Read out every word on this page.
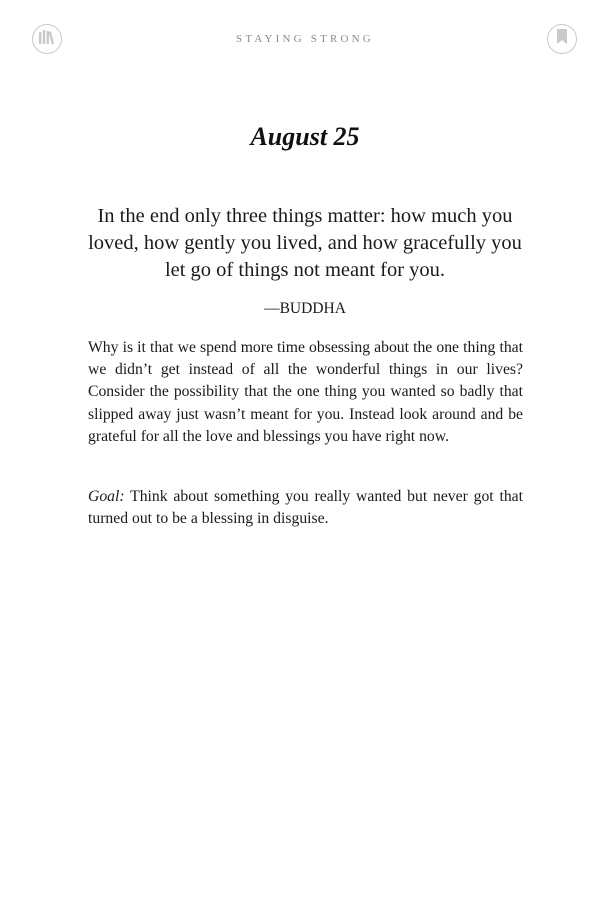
STAYING STRONG
August 25

In the end only three things matter: how much you loved, how gently you lived, and how gracefully you let go of things not meant for you.

—BUDDHA

Why is it that we spend more time obsessing about the one thing that we didn’t get instead of all the wonderful things in our lives? Consider the possibility that the one thing you wanted so badly that slipped away just wasn’t meant for you. Instead look around and be grateful for all the love and blessings you have right now.

Goal: Think about something you really wanted but never got that turned out to be a blessing in disguise.
